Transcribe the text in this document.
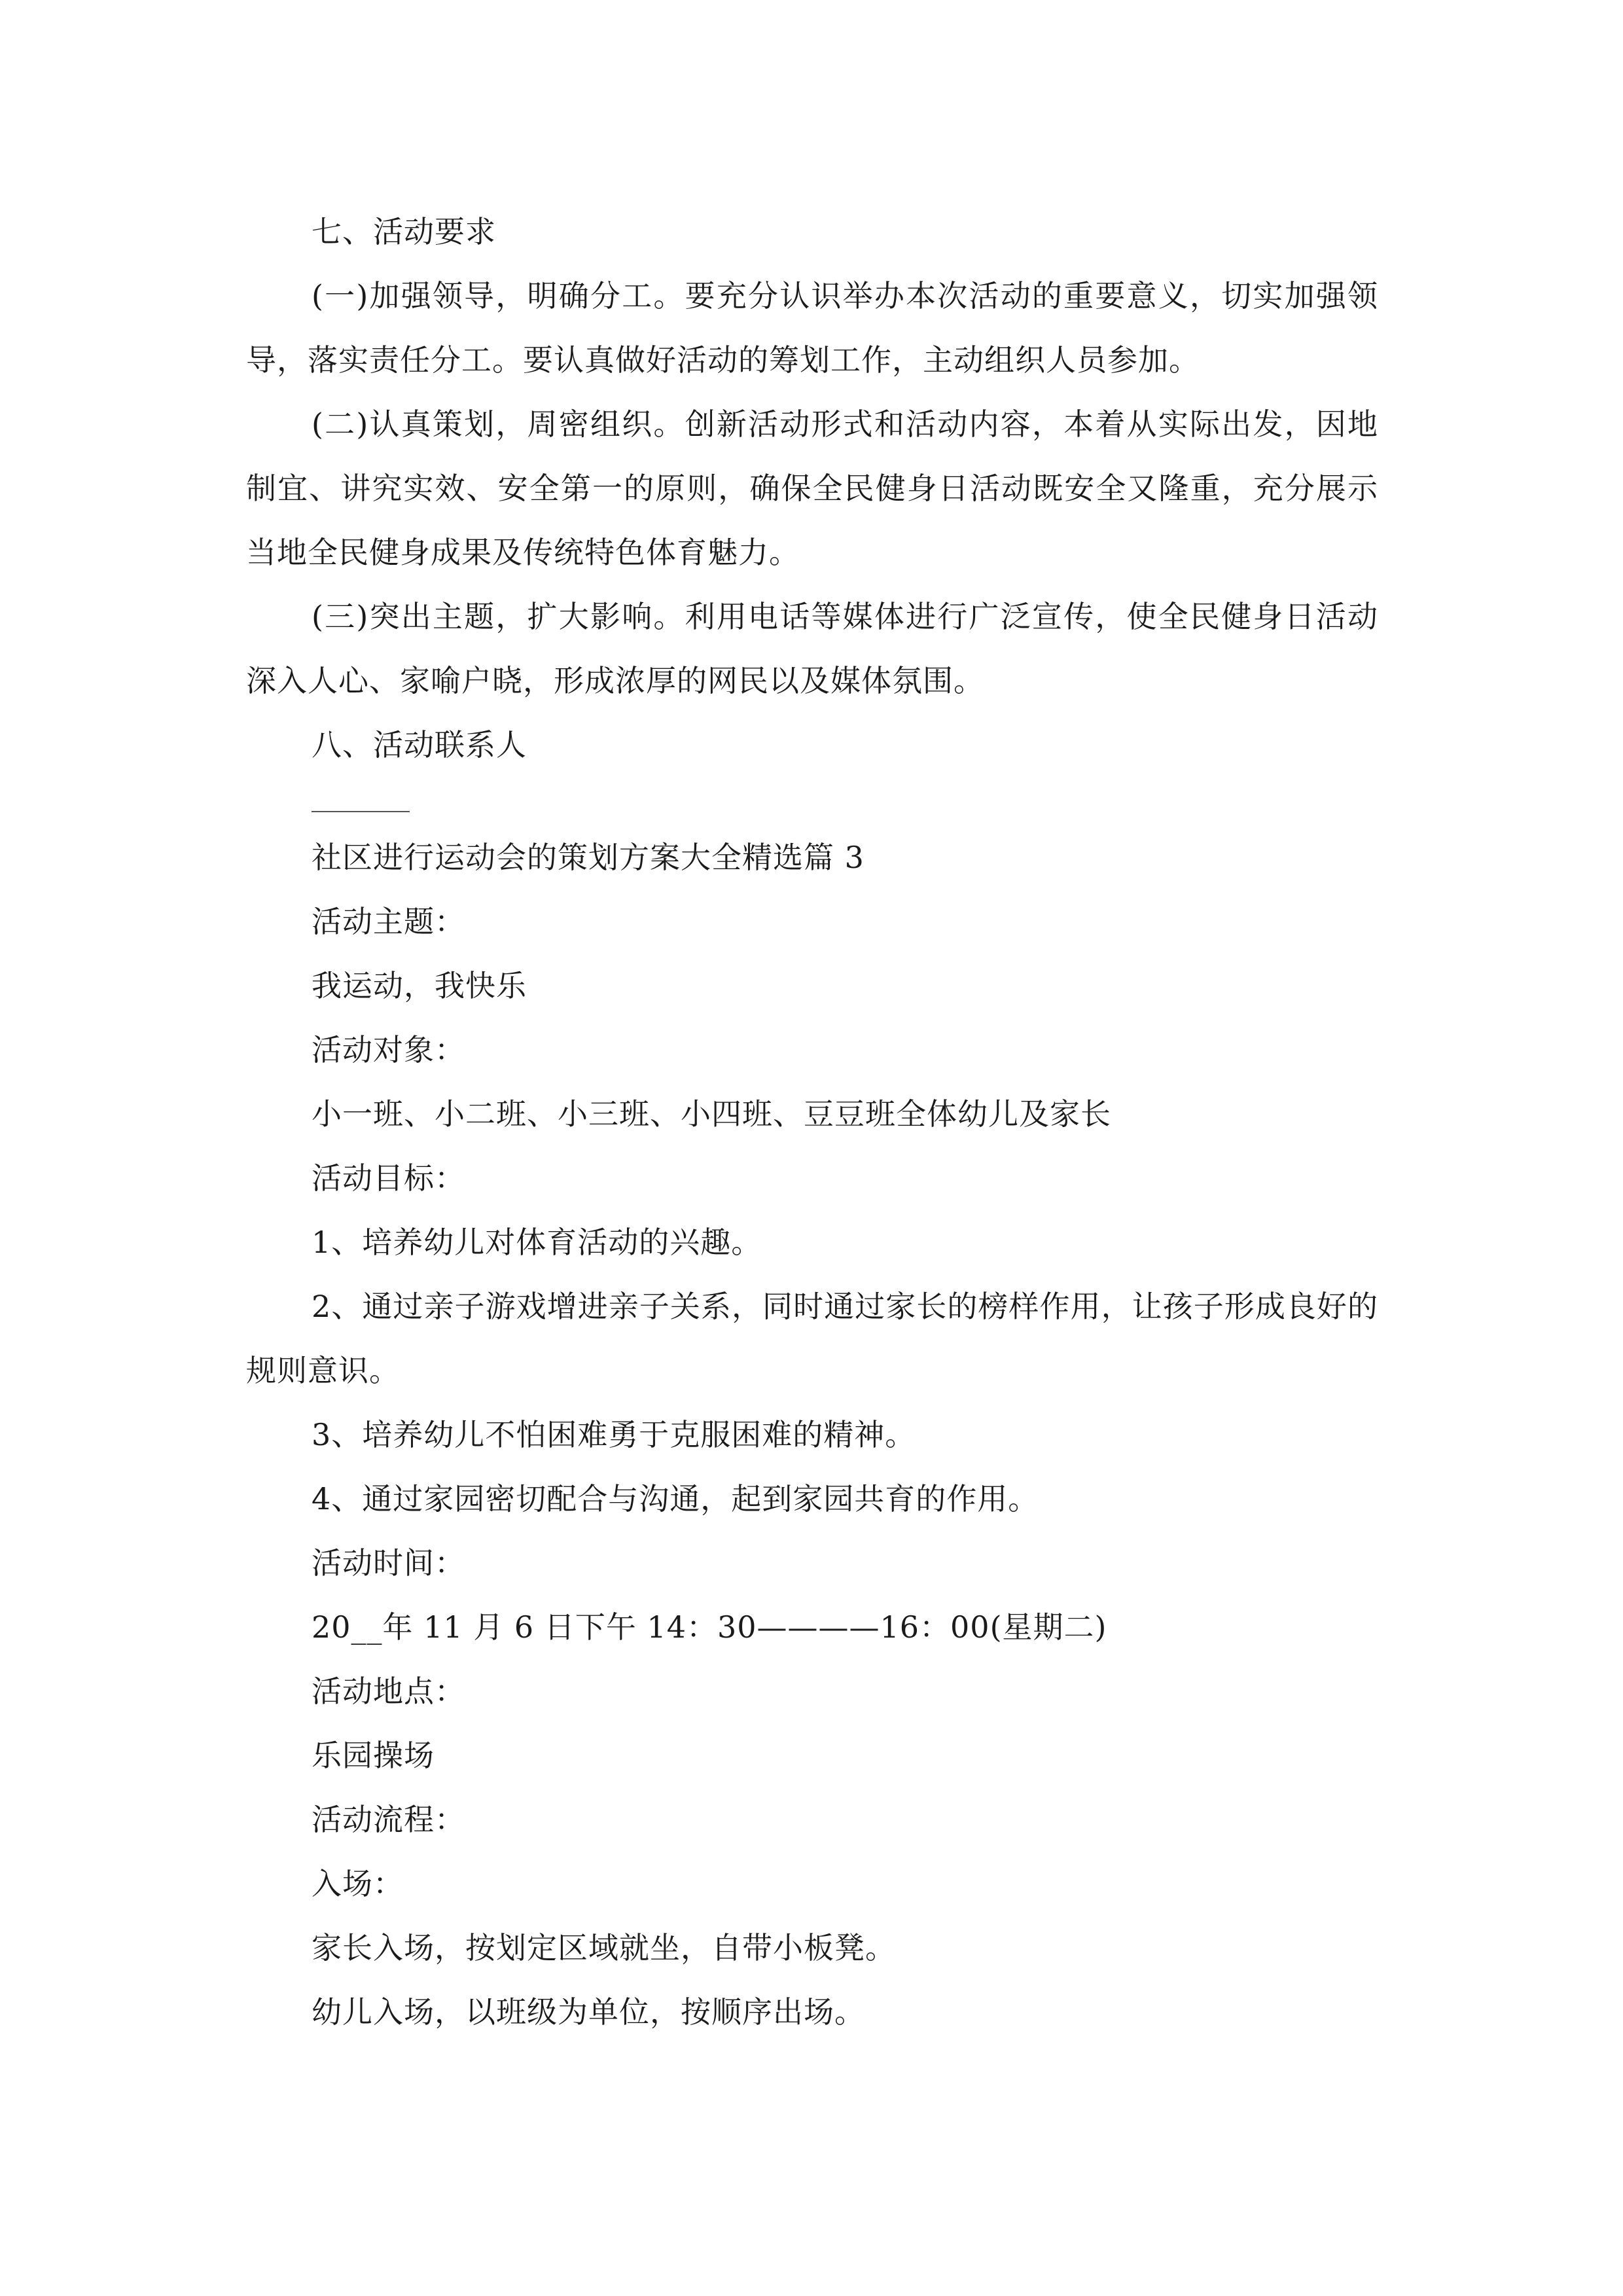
七、活动要求

(一)加强领导，明确分工。要充分认识举办本次活动的重要意义，切实加强领导，落实责任分工。要认真做好活动的筹划工作，主动组织人员参加。

(二)认真策划，周密组织。创新活动形式和活动内容，本着从实际出发，因地制宜、讲究实效、安全第一的原则，确保全民健身日活动既安全又隆重，充分展示当地全民健身成果及传统特色体育魅力。

(三)突出主题，扩大影响。利用电话等媒体进行广泛宣传，使全民健身日活动深入人心、家喻户晓，形成浓厚的网民以及媒体氛围。

八、活动联系人

社区进行运动会的策划方案大全精选篇 3

活动主题：

我运动，我快乐

活动对象：

小一班、小二班、小三班、小四班、豆豆班全体幼儿及家长

活动目标：

1、培养幼儿对体育活动的兴趣。

2、通过亲子游戏增进亲子关系，同时通过家长的榜样作用，让孩子形成良好的规则意识。

3、培养幼儿不怕困难勇于克服困难的精神。

4、通过家园密切配合与沟通，起到家园共育的作用。

活动时间：

20__年 11 月 6 日下午 14：30————16：00(星期二)

活动地点：

乐园操场

活动流程：

入场：

家长入场，按划定区域就坐，自带小板凳。

幼儿入场，以班级为单位，按顺序出场。
